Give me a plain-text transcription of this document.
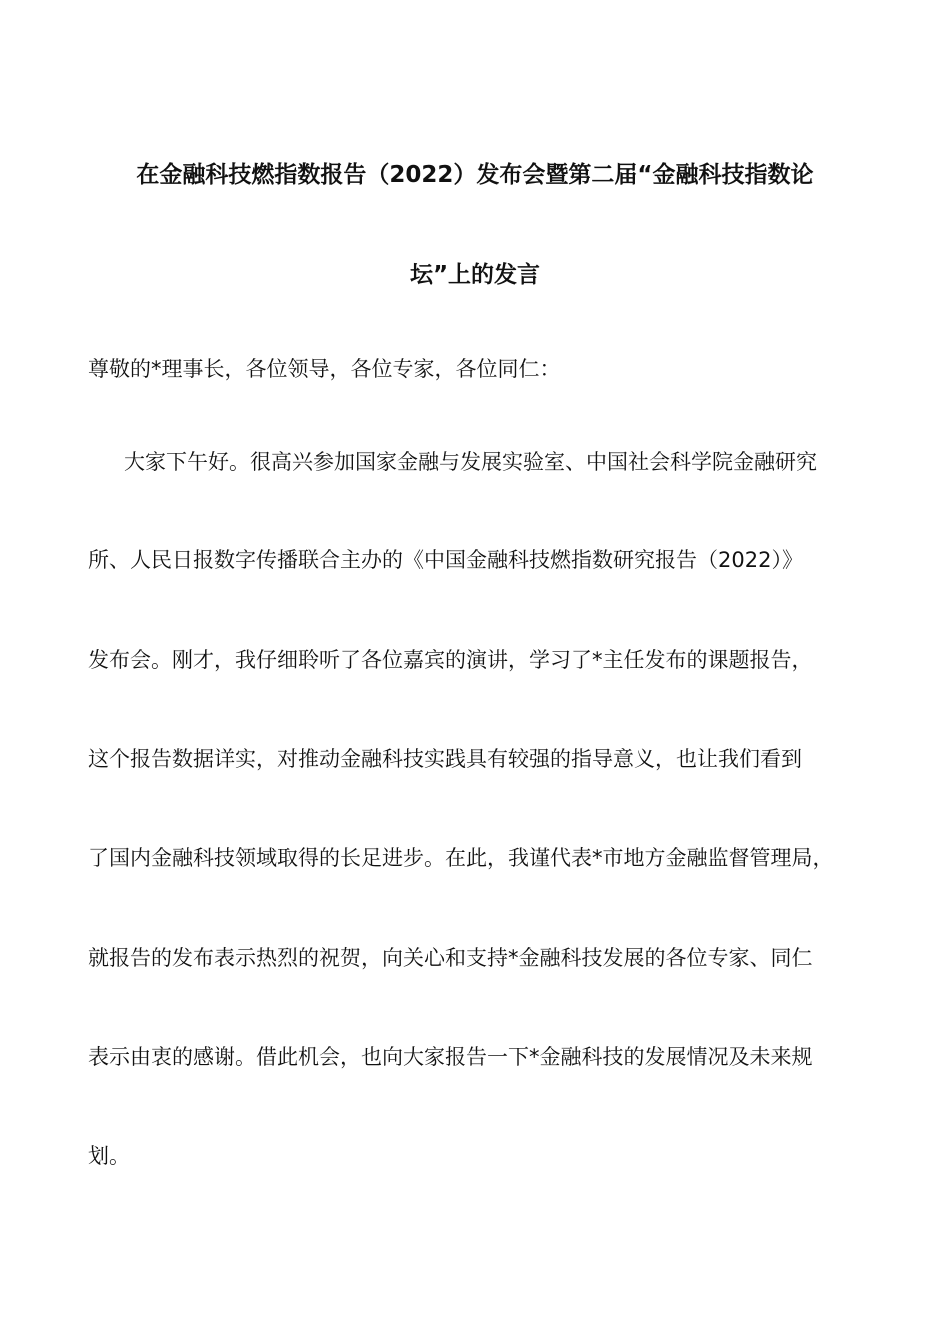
在金融科技燃指数报告（2022）发布会暨第二届“金融科技指数论
坛”上的发言
尊敬的*理事长，各位领导，各位专家，各位同仁：
大家下午好。很高兴参加国家金融与发展实验室、中国社会科学院金融研究
所、人民日报数字传播联合主办的《中国金融科技燃指数研究报告（2022）》
发布会。刚才，我仔细聆听了各位嘉宾的演讲，学习了*主任发布的课题报告，
这个报告数据详实，对推动金融科技实践具有较强的指导意义，也让我们看到
了国内金融科技领域取得的长足进步。在此，我谨代表*市地方金融监督管理局，
就报告的发布表示热烈的祝贺，向关心和支持*金融科技发展的各位专家、同仁
表示由衷的感谢。借此机会，也向大家报告一下*金融科技的发展情况及未来规
划。
